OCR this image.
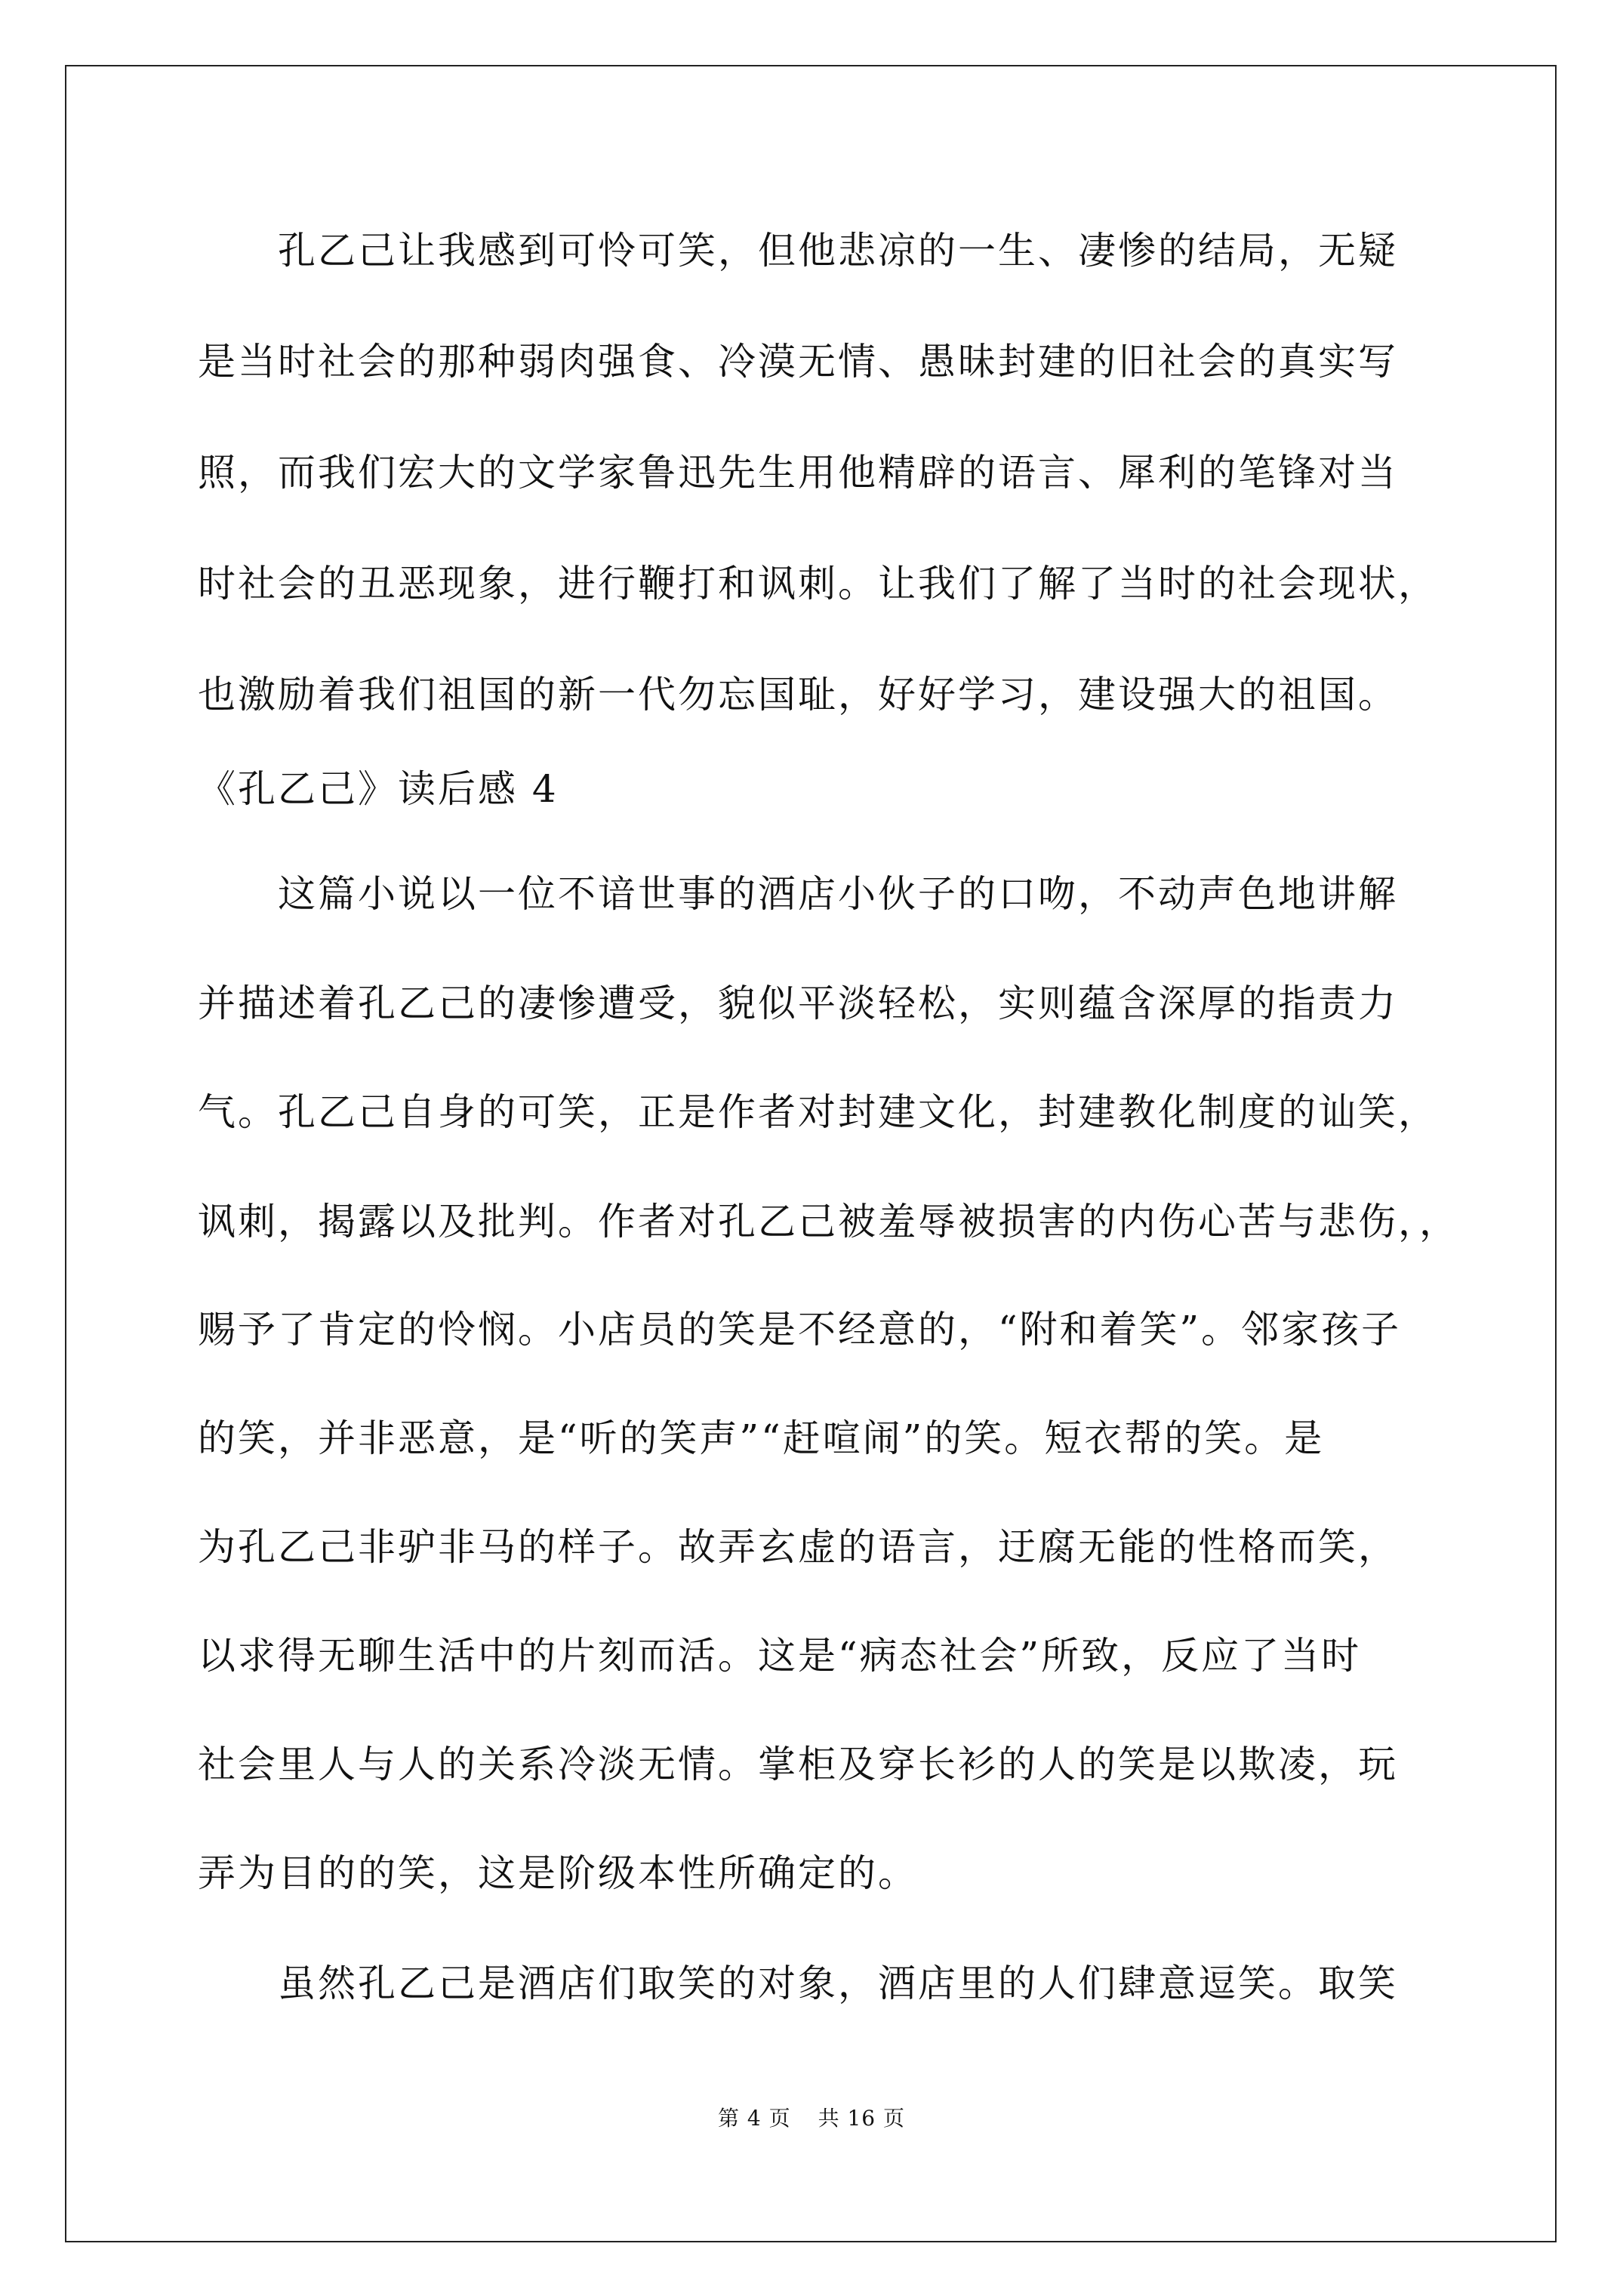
孔乙己让我感到可怜可笑，但他悲凉的一生、凄惨的结局，无疑
是当时社会的那种弱肉强食、冷漠无情、愚昧封建的旧社会的真实写
照，而我们宏大的文学家鲁迅先生用他精辟的语言、犀利的笔锋对当
时社会的丑恶现象，进行鞭打和讽刺。让我们了解了当时的社会现状，
也激励着我们祖国的新一代勿忘国耻，好好学习，建设强大的祖国。
《孔乙己》读后感 4
这篇小说以一位不谙世事的酒店小伙子的口吻，不动声色地讲解
并描述着孔乙己的凄惨遭受，貌似平淡轻松，实则蕴含深厚的指责力
气。孔乙己自身的可笑，正是作者对封建文化，封建教化制度的讪笑，
讽刺，揭露以及批判。作者对孔乙己被羞辱被损害的内伤心苦与悲伤，，
赐予了肯定的怜悯。小店员的笑是不经意的，“附和着笑”。邻家孩子
的笑，并非恶意，是“听的笑声”“赶喧闹”的笑。短衣帮的笑。是
为孔乙己非驴非马的样子。故弄玄虚的语言，迂腐无能的性格而笑，
以求得无聊生活中的片刻而活。这是“病态社会”所致，反应了当时
社会里人与人的关系冷淡无情。掌柜及穿长衫的人的笑是以欺凌，玩
弄为目的的笑，这是阶级本性所确定的。
虽然孔乙己是酒店们取笑的对象，酒店里的人们肆意逗笑。取笑
第 4 页 共 16 页
